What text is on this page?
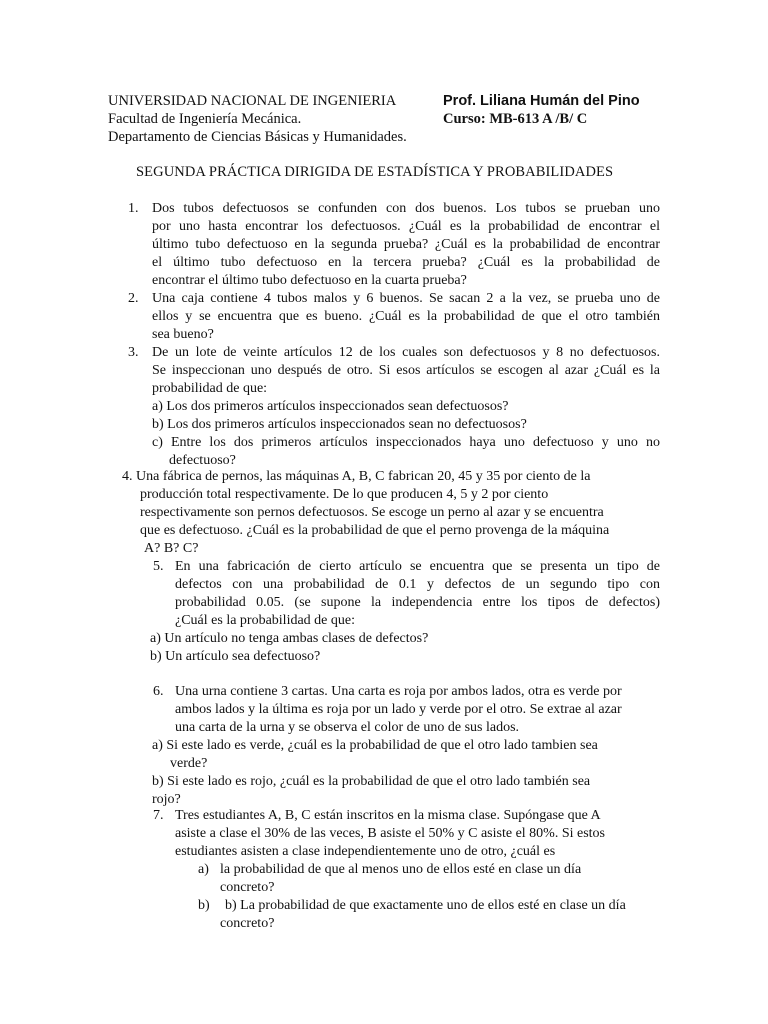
UNIVERSIDAD NACIONAL DE INGENIERIA	Prof. Liliana Humán del Pino
Facultad de Ingeniería Mecánica.	Curso: MB-613 A /B/ C
Departamento de Ciencias Básicas y Humanidades.
SEGUNDA PRÁCTICA DIRIGIDA DE ESTADÍSTICA Y PROBABILIDADES
1. Dos tubos defectuosos se confunden con dos buenos. Los tubos se prueban uno
por uno hasta encontrar los defectuosos. ¿Cuál es la probabilidad de encontrar el
último tubo defectuoso en la segunda prueba? ¿Cuál es la probabilidad de encontrar
el último tubo defectuoso en la tercera prueba? ¿Cuál es la probabilidad de
encontrar el último tubo defectuoso en la cuarta prueba?
2. Una caja contiene 4 tubos malos y 6 buenos. Se sacan 2 a la vez, se prueba uno de
ellos y se encuentra que es bueno. ¿Cuál es la probabilidad de que el otro también
sea bueno?
3. De un lote de veinte artículos 12 de los cuales son defectuosos y 8 no defectuosos.
Se inspeccionan uno después de otro. Si esos artículos se escogen al azar ¿Cuál es la
probabilidad de que:
a) Los dos primeros artículos inspeccionados sean defectuosos?
b) Los dos primeros artículos inspeccionados sean no defectuosos?
c) Entre los dos primeros artículos inspeccionados haya uno defectuoso y uno no
defectuoso?
4. Una fábrica de pernos, las máquinas A, B, C fabrican 20, 45 y 35 por ciento de la
producción total respectivamente. De lo que producen 4, 5 y 2 por ciento
respectivamente son pernos defectuosos. Se escoge un perno al azar y se encuentra
que es defectuoso. ¿Cuál es la probabilidad de que el perno provenga de la máquina
A? B? C?
5. En una fabricación de cierto artículo se encuentra que se presenta un tipo de
defectos con una probabilidad de 0.1 y defectos de un segundo tipo con
probabilidad 0.05. (se supone la independencia entre los tipos de defectos)
¿Cuál es la probabilidad de que:
a) Un artículo no tenga ambas clases de defectos?
b) Un artículo sea defectuoso?
6. Una urna contiene 3 cartas. Una carta es roja por ambos lados, otra es verde por
ambos lados y la última es roja por un lado y verde por el otro. Se extrae al azar
una carta de la urna y se observa el color de uno de sus lados.
a) Si este lado es verde, ¿cuál es la probabilidad de que el otro lado tambien sea
verde?
b) Si este lado es rojo, ¿cuál es la probabilidad de que el otro lado también sea
rojo?
7. Tres estudiantes A, B, C están inscritos en la misma clase. Supóngase que A
asiste a clase el 30% de las veces, B asiste el 50% y C asiste el 80%. Si estos
estudiantes asisten a clase independientemente uno de otro, ¿cuál es
a) la probabilidad de que al menos uno de ellos esté en clase un día
concreto?
b) b) La probabilidad de que exactamente uno de ellos esté en clase un día
concreto?
